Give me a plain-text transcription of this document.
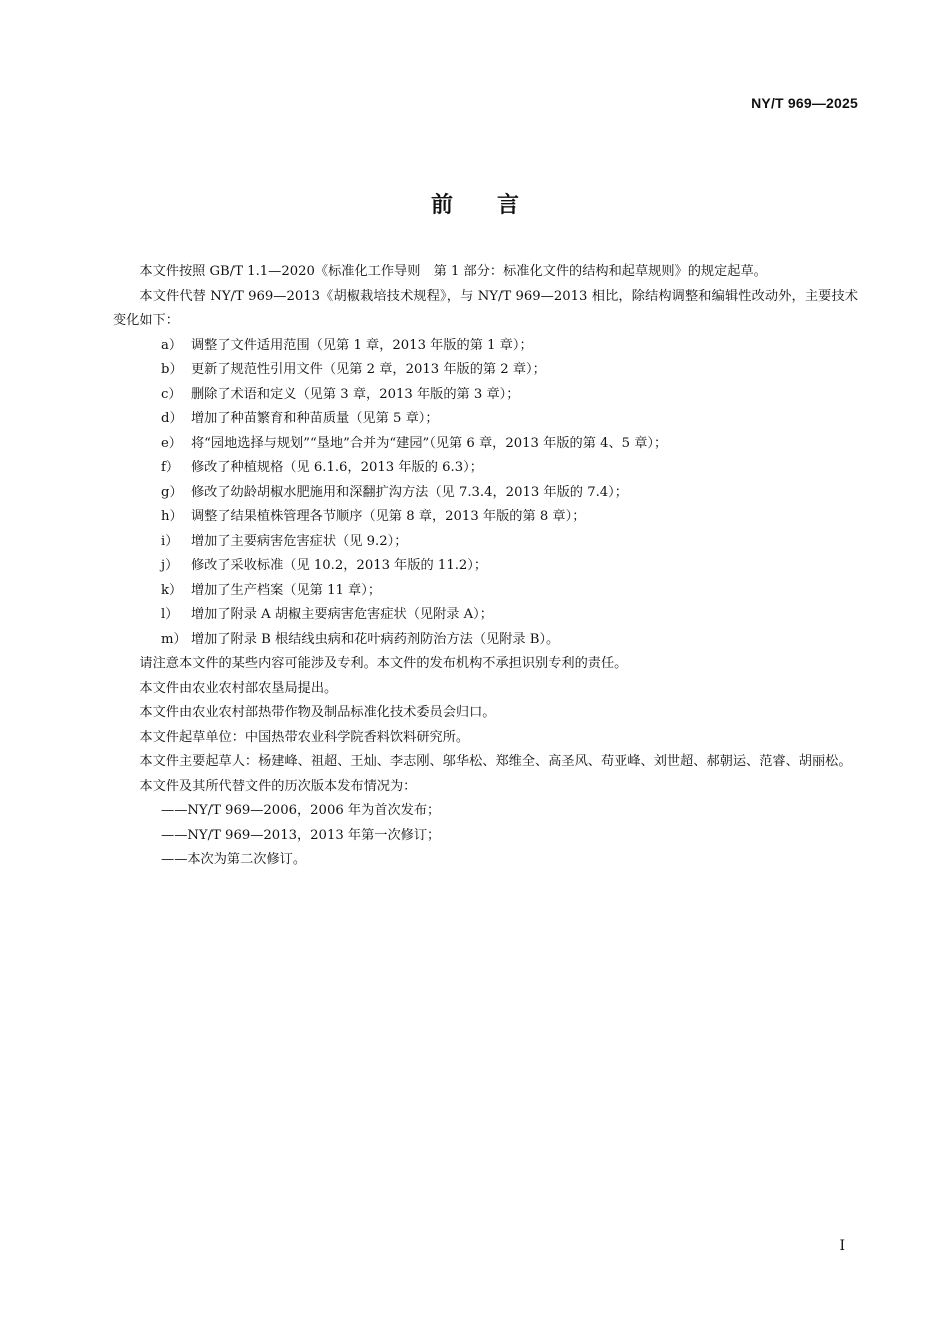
NY/T 969—2025
前言

本文件按照 GB/T 1.1—2020《标准化工作导则　第 1 部分：标准化文件的结构和起草规则》的规定起草。

本文件代替 NY/T 969—2013《胡椒栽培技术规程》，与 NY/T 969—2013 相比，除结构调整和编辑性改动外，主要技术变化如下：

a） 调整了文件适用范围（见第 1 章，2013 年版的第 1 章）；

b） 更新了规范性引用文件（见第 2 章，2013 年版的第 2 章）；

c） 删除了术语和定义（见第 3 章，2013 年版的第 3 章）；

d） 增加了种苗繁育和种苗质量（见第 5 章）；

e） 将“园地选择与规划”“垦地”合并为“建园”（见第 6 章，2013 年版的第 4、5 章）；

f） 修改了种植规格（见 6.1.6，2013 年版的 6.3）；

g） 修改了幼龄胡椒水肥施用和深翻扩沟方法（见 7.3.4，2013 年版的 7.4）；

h） 调整了结果植株管理各节顺序（见第 8 章，2013 年版的第 8 章）；

i） 增加了主要病害危害症状（见 9.2）；

j） 修改了采收标准（见 10.2，2013 年版的 11.2）；

k） 增加了生产档案（见第 11 章）；

l） 增加了附录 A 胡椒主要病害危害症状（见附录 A）；

m） 增加了附录 B 根结线虫病和花叶病药剂防治方法（见附录 B）。

请注意本文件的某些内容可能涉及专利。本文件的发布机构不承担识别专利的责任。

本文件由农业农村部农垦局提出。

本文件由农业农村部热带作物及制品标准化技术委员会归口。

本文件起草单位：中国热带农业科学院香料饮料研究所。

本文件主要起草人：杨建峰、祖超、王灿、李志刚、邬华松、郑维全、高圣风、苟亚峰、刘世超、郝朝运、范睿、胡丽松。

本文件及其所代替文件的历次版本发布情况为：

——NY/T 969—2006，2006 年为首次发布；

——NY/T 969—2013，2013 年第一次修订；

——本次为第二次修订。

I
